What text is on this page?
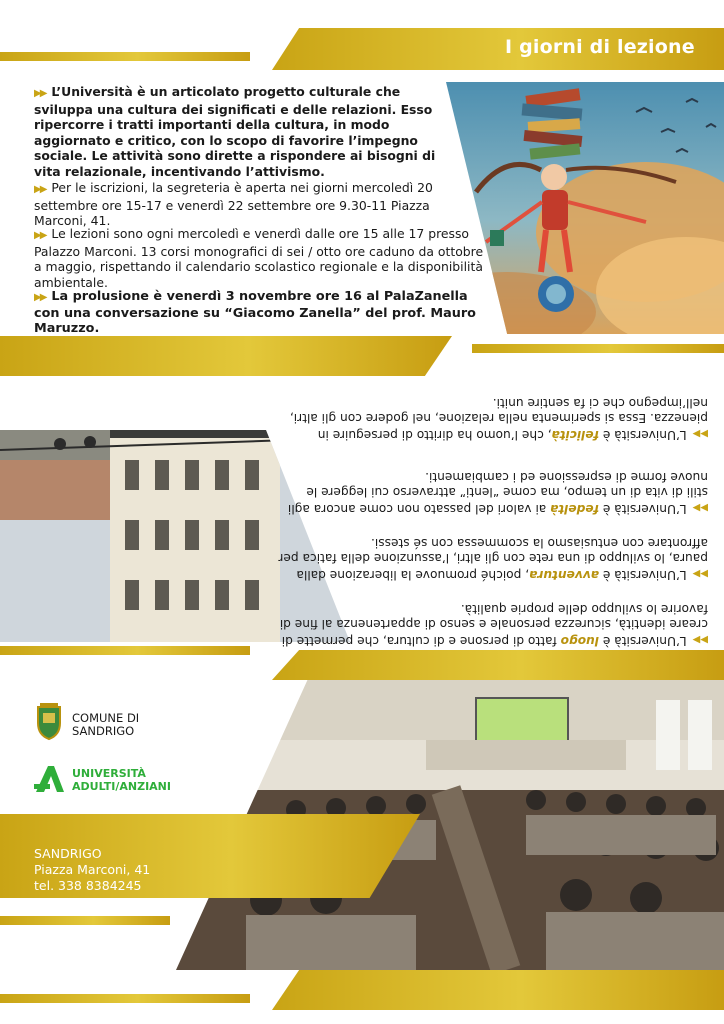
I giorni di lezione
▶▶ L’Università è un articolato progetto culturale che sviluppa una cultura dei significati e delle relazioni. Esso ripercorre i tratti importanti della cultura, in modo aggiornato e critico, con lo scopo di favorire l’impegno sociale. Le attività sono dirette a rispondere ai bisogni di vita relazionale, incentivando l’attivismo.
▶▶ Per le iscrizioni, la segreteria è aperta nei giorni mercoledì 20 settembre ore 15-17 e venerdì 22 settembre ore 9.30-11 Piazza Marconi, 41.
▶▶ Le lezioni sono ogni mercoledì e venerdì dalle ore 15 alle 17 presso Palazzo Marconi. 13 corsi monografici di sei / otto ore caduno da ottobre a maggio, rispettando il calendario scolastico regionale e la disponibilità ambientale.
▶▶ La prolusione è venerdì 3 novembre ore 16 al PalaZanella con una conversazione su “Giacomo Zanella” del prof. Mauro Maruzzo.
▶▶L’Università è luogo fatto di persone e di cultura, che permette di creare identità, sicurezza personale e senso di appartenenza al fine di favorire lo sviluppo delle proprie qualità.
▶▶L’Università è avventura, poiché promuove la liberazione dalla paura, lo sviluppo di una rete con gli altri, l’assunzione della fatica per affrontare con entusiasmo la scommessa con sé stessi.
▶▶L’Università è fedeltà ai valori del passato non come ancora agli stili di vita di un tempo, ma come “lenti” attraverso cui leggere le nuove forme di espressione ed i cambiamenti.
▶▶L’Università è felicità, che l’uomo ha diritto di perseguire in pienezza. Essa si sperimenta nella relazione, nel godere con gli altri, nell’impegno che ci fa sentire uniti.
COMUNE DI
SANDRIGO
UNIVERSITÀ
ADULTI/ANZIANI
SANDRIGO
Piazza Marconi, 41
tel. 338 8384245
